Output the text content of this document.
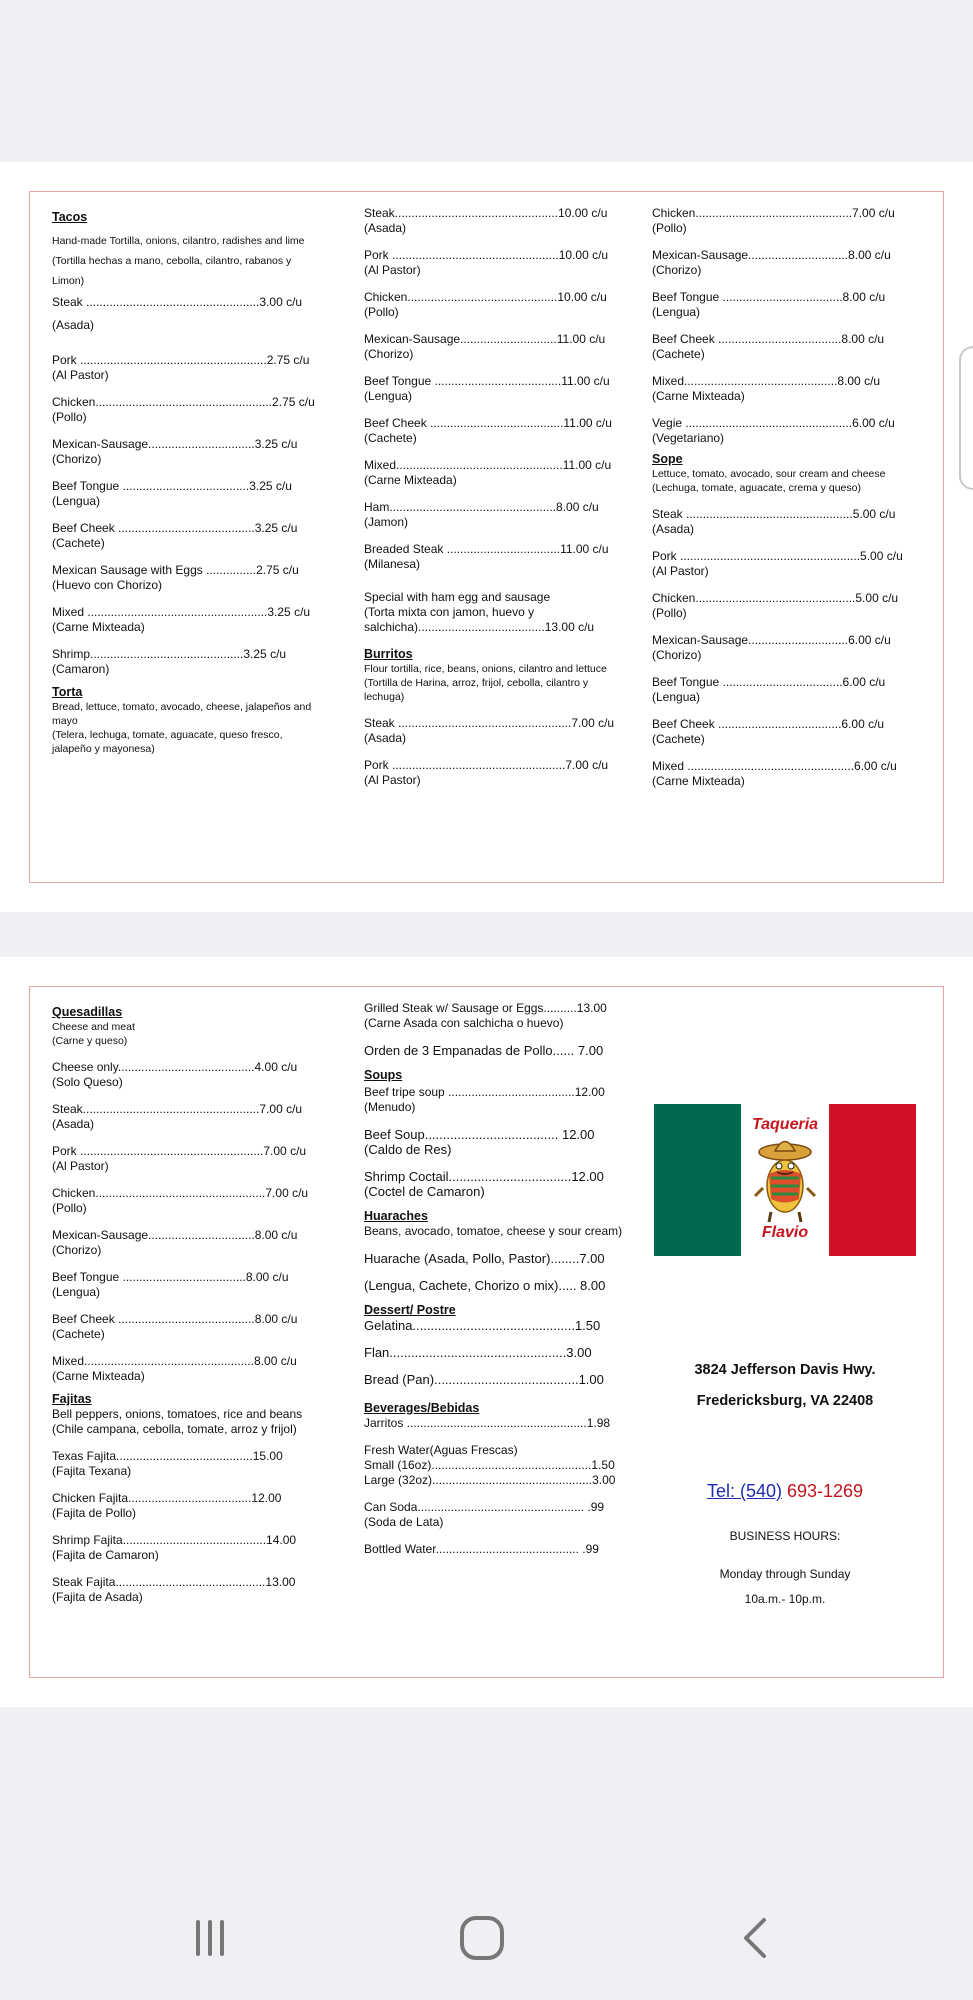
Tacos
Hand-made Tortilla, onions, cilantro, radishes and lime
(Tortilla hechas a mano, cebolla, cilantro, rabanos y Limon)
Steak ....................................................3.00 c/u
(Asada)
Pork ........................................................2.75 c/u
(Al Pastor)
Chicken.....................................................2.75 c/u
(Pollo)
Mexican-Sausage................................3.25 c/u
(Chorizo)
Beef Tongue ......................................3.25 c/u
(Lengua)
Beef Cheek .........................................3.25 c/u
(Cachete)
Mexican Sausage with Eggs ...............2.75 c/u
(Huevo con Chorizo)
Mixed ......................................................3.25 c/u
(Carne Mixteada)
Shrimp..............................................3.25 c/u
(Camaron)
Torta
Bread, lettuce, tomato, avocado, cheese, jalapeños and mayo
(Telera, lechuga, tomate, aguacate, queso fresco, jalapeño y mayonesa)
Steak.................................................10.00 c/u
(Asada)
Pork ..................................................10.00 c/u
(Al Pastor)
Chicken.............................................10.00 c/u
(Pollo)
Mexican-Sausage.............................11.00 c/u
(Chorizo)
Beef Tongue ......................................11.00 c/u
(Lengua)
Beef Cheek ........................................11.00 c/u
(Cachete)
Mixed..................................................11.00 c/u
(Carne Mixteada)
Ham..................................................8.00 c/u
(Jamon)
Breaded Steak ..................................11.00 c/u
(Milanesa)
Special with ham egg and sausage
(Torta mixta con jamon, huevo y
salchicha)......................................13.00 c/u
Burritos
Flour tortilla, rice, beans, onions, cilantro and lettuce
(Tortilla de Harina, arroz, frijol, cebolla, cilantro y lechuga)
Steak ....................................................7.00 c/u
(Asada)
Pork ....................................................7.00 c/u
(Al Pastor)
Chicken...............................................7.00 c/u
(Pollo)
Mexican-Sausage..............................8.00 c/u
(Chorizo)
Beef Tongue ....................................8.00 c/u
(Lengua)
Beef Cheek .....................................8.00 c/u
(Cachete)
Mixed..............................................8.00 c/u
(Carne Mixteada)
Vegie ..................................................6.00 c/u
(Vegetariano)
Sope
Lettuce, tomato, avocado, sour cream and cheese
(Lechuga, tomate, aguacate, crema y queso)
Steak ..................................................5.00 c/u
(Asada)
Pork ......................................................5.00 c/u
(Al Pastor)
Chicken................................................5.00 c/u
(Pollo)
Mexican-Sausage..............................6.00 c/u
(Chorizo)
Beef Tongue ....................................6.00 c/u
(Lengua)
Beef Cheek .....................................6.00 c/u
(Cachete)
Mixed ..................................................6.00 c/u
(Carne Mixteada)
Quesadillas
Cheese and meat
(Carne y queso)
Cheese only.........................................4.00 c/u
(Solo Queso)
Steak.....................................................7.00 c/u
(Asada)
Pork .......................................................7.00 c/u
(Al Pastor)
Chicken...................................................7.00 c/u
(Pollo)
Mexican-Sausage................................8.00 c/u
(Chorizo)
Beef Tongue .....................................8.00 c/u
(Lengua)
Beef Cheek .........................................8.00 c/u
(Cachete)
Mixed...................................................8.00 c/u
(Carne Mixteada)
Fajitas
Bell peppers, onions, tomatoes, rice and beans
(Chile campana, cebolla, tomate, arroz y frijol)
Texas Fajita.........................................15.00
(Fajita Texana)
Chicken Fajita.....................................12.00
(Fajita de Pollo)
Shrimp Fajita...........................................14.00
(Fajita de Camaron)
Steak Fajita.............................................13.00
(Fajita de Asada)
Grilled Steak w/ Sausage or Eggs..........13.00
(Carne Asada con salchicha o huevo)
Orden de 3 Empanadas de Pollo...... 7.00
Soups
Beef tripe soup ......................................12.00
(Menudo)
Beef Soup..................................... 12.00
(Caldo de Res)
Shrimp Coctail..................................12.00
(Coctel de Camaron)
Huaraches
Beans, avocado, tomatoe, cheese y sour cream)
Huarache (Asada, Pollo, Pastor)........7.00
(Lengua, Cachete, Chorizo o mix)..... 8.00
Dessert/ Postre
Gelatina.............................................1.50
Flan.................................................3.00
Bread (Pan)........................................1.00
Beverages/Bebidas
Jarritos ......................................................1.98
Fresh Water(Aguas Frescas)
Small (16oz)................................................1.50
Large (32oz)................................................3.00
Can Soda.................................................. .99
(Soda de Lata)
Bottled Water........................................... .99
Taqueria
Flavio
3824 Jefferson Davis Hwy.
Fredericksburg, VA 22408
Tel: (540) 693-1269
BUSINESS HOURS:
Monday through Sunday
10a.m.- 10p.m.
